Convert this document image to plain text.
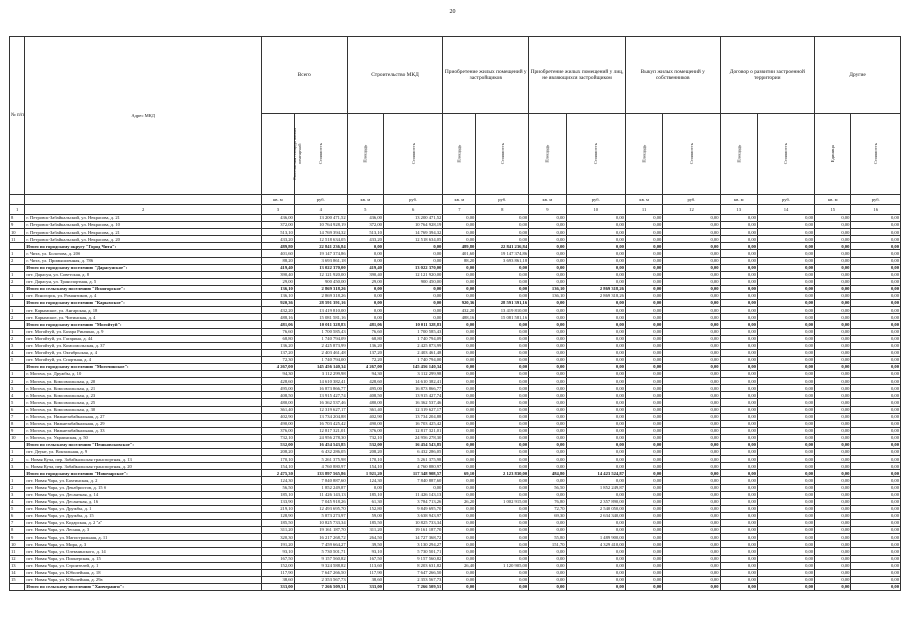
20
№ п/п	Адрес МКД	Всего		Строительство МКД		Приобретение жилых помещений у застройщиков		Приобретение жилых помещений у лиц, не являющихся застройщиком		Выкуп жилых помещений у собственников		Договор о развитии застроенной территории		Другие	
		Расселяемая площадь жилых помещений	Стоимость	Площадь	Стоимость	Площадь	Стоимость	Площадь	Стоимость	Площадь	Стоимость	Площадь	Стоимость	Единица	Стоимость
		кв. м	руб.	кв. м	руб.	кв. м	руб.	кв. м	руб.	кв. м	руб.	кв. м	руб.	кв. м	руб.
1	2	3	4	5	6	7	8	9	10	11	12	13	14	15	16
8	г. Петровск-Забайкальский, ул. Некрасова, д. 21	436,00	13 200 471,52	436,00	13 200 471,52	0,00	0,00	0,00	0,00	0,00	0,00	0,00	0,00	0,00	0,00
9	г. Петровск-Забайкальский, ул. Некрасова, д. 10	372,00	10 764 928,19	372,00	10 764 928,19	0,00	0,00	0,00	0,00	0,00	0,00	0,00	0,00	0,00	0,00
10	г. Петровск-Забайкальский, ул. Некрасова, д. 21	513,10	14 769 394,32	513,10	14 769 394,32	0,00	0,00	0,00	0,00	0,00	0,00	0,00	0,00	0,00	0,00
11	г. Петровск-Забайкальский, ул. Некрасова, д. 20	433,20	12 518 634,05	433,20	12 518 634,05	0,00	0,00	0,00	0,00	0,00	0,00	0,00	0,00	0,00	0,00
	Итого по городскому округу "Город Чита":	489,80	22 841 236,84	0,00	0,00	489,80	22 841 236,84	0,00	0,00	0,00	0,00	0,00	0,00	0,00	0,00
1	г. Чита, ул. Болотова, д. 20б	401,60	19 147 374,86	0,00	0,00	401,60	19 147 374,86	0,00	0,00	0,00	0,00	0,00	0,00	0,00	0,00
2	г. Чита, ул. Промышленная, д. 786	88,20	3 693 861,18	0,00	0,00	88,20	3 693 861,18	0,00	0,00	0,00	0,00	0,00	0,00	0,00	0,00
	Итого по городскому поселению "Дарасунское":	419,40	13 022 370,00	419,40	13 022 370,00	0,00	0,00	0,00	0,00	0,00	0,00	0,00	0,00	0,00	0,00
1	пгт. Дарасун, ул. Советская, д. 8	390,40	12 121 920,00	390,40	12 121 920,00	0,00	0,00	0,00	0,00	0,00	0,00	0,00	0,00	0,00	0,00
2	пгт. Дарасун, ул. Транспортная, д. 5	29,00	900 450,00	29,00	900 450,00	0,00	0,00	0,00	0,00	0,00	0,00	0,00	0,00	0,00	0,00
	Итого по сельскому поселению "Ясногорское":	136,10	2 869 318,26	0,00	0,00	0,00	0,00	136,10	2 869 318,26	0,00	0,00	0,00	0,00	0,00	0,00
1	пгт. Ясногорск, ул. Романтиков, д. 4	136,10	2 869 318,26	0,00	0,00	0,00	0,00	136,10	2 869 318,26	0,00	0,00	0,00	0,00	0,00	0,00
	Итого по городскому поселению "Карымское":	920,36	28 591 391,16	0,00	0,00	920,36	28 591 391,16	0,00	0,00	0,00	0,00	0,00	0,00	0,00	0,00
1	пгт. Карымское, ул. Ангарская, д. 18	432,20	13 419 810,00	0,00	0,00	432,20	13 419 810,00	0,00	0,00	0,00	0,00	0,00	0,00	0,00	0,00
2	пгт. Карымское, ул. Читинская, д. 4	488,16	15 081 581,16	0,00	0,00	488,16	15 081 581,16	0,00	0,00	0,00	0,00	0,00	0,00	0,00	0,00
	Итого по городскому поселению "Могойтуй":	481,06	10 011 328,83	481,06	10 011 328,83	0,00	0,00	0,00	0,00	0,00	0,00	0,00	0,00	0,00	0,00
1	пгт. Могойтуй, ул. Базара Ринчино, д. 9	76,60	1 700 585,43	76,60	1 700 585,43	0,00	0,00	0,00	0,00	0,00	0,00	0,00	0,00	0,00	0,00
2	пгт. Могойтуй, ул. Гагарина, д. 44	68,80	1 740 794,09	68,80	1 740 794,09	0,00	0,00	0,00	0,00	0,00	0,00	0,00	0,00	0,00	0,00
3	пгт. Могойтуй, ул. Комсомольская, д. 37	136,20	2 425 873,99	136,20	2 425 873,99	0,00	0,00	0,00	0,00	0,00	0,00	0,00	0,00	0,00	0,00
4	пгт. Могойтуй, ул. Октябрьская, д. 4	137,20	2 403 461,48	137,20	2 403 461,48	0,00	0,00	0,00	0,00	0,00	0,00	0,00	0,00	0,00	0,00
5	пгт. Могойтуй, ул. Спортная, д. 4	72,30	1 740 794,00	72,20	1 740 794,00	0,00	0,00	0,00	0,00	0,00	0,00	0,00	0,00	0,00	0,00
	Итого по городскому поселению "Могочинское":	4 267,00	145 456 140,34	4 267,00	145 456 140,34	0,00	0,00	0,00	0,00	0,00	0,00	0,00	0,00	0,00	0,00
1	г. Могоча, ул. Дружбы, д. 10	94,30	3 112 299,98	94,30	3 112 299,98	0,00	0,00	0,00	0,00	0,00	0,00	0,00	0,00	0,00	0,00
2	г. Могоча, ул. Комсомольская, д. 20	428,60	14 610 382,41	428,60	14 610 382,41	0,00	0,00	0,00	0,00	0,00	0,00	0,00	0,00	0,00	0,00
3	г. Могоча, ул. Комсомольская, д. 21	495,00	16 873 866,77	495,00	16 873 866,77	0,00	0,00	0,00	0,00	0,00	0,00	0,00	0,00	0,00	0,00
4	г. Могоча, ул. Комсомольская, д. 23	408,50	13 915 427,74	408,50	13 915 427,74	0,00	0,00	0,00	0,00	0,00	0,00	0,00	0,00	0,00	0,00
5	г. Могоча, ул. Комсомольская, д. 25	480,00	16 362 537,46	480,00	16 362 537,46	0,00	0,00	0,00	0,00	0,00	0,00	0,00	0,00	0,00	0,00
6	г. Могоча, ул. Комсомольская, д. 30	361,40	12 319 627,17	361,40	12 319 627,17	0,00	0,00	0,00	0,00	0,00	0,00	0,00	0,00	0,00	0,00
7	г. Могоча, ул. Нижнезабайкальная, д. 27	402,90	13 734 204,88	402,90	13 734 204,88	0,00	0,00	0,00	0,00	0,00	0,00	0,00	0,00	0,00	0,00
8	г. Могоча, ул. Нижнезабайкальная, д. 29	490,00	16 703 425,42	490,00	16 703 425,42	0,00	0,00	0,00	0,00	0,00	0,00	0,00	0,00	0,00	0,00
9	г. Могоча, ул. Нижнезабайкальная, д. 33	376,00	12 817 321,01	376,00	12 817 321,01	0,00	0,00	0,00	0,00	0,00	0,00	0,00	0,00	0,00	0,00
10	г. Могоча, ул. Украинская, д. 50	732,10	24 956 278,30	732,10	24 956 278,30	0,00	0,00	0,00	0,00	0,00	0,00	0,00	0,00	0,00	0,00
	Итого по сельскому поселению "Пешковсковское":	532,00	16 454 543,85	532,00	16 454 543,85	0,00	0,00	0,00	0,00	0,00	0,00	0,00	0,00	0,00	0,00
1	пгт. Деуне, ул. Вокзальная, д. 9	208,20	6 432 286,05	208,20	6 432 286,05	0,00	0,00	0,00	0,00	0,00	0,00	0,00	0,00	0,00	0,00
2	с. Новая Куча, пер. Забайкальская транспортная, д. 13	170,10	5 261 375,98	170,10	5 261 375,98	0,00	0,00	0,00	0,00	0,00	0,00	0,00	0,00	0,00	0,00
3	с. Новая Куча, пер. Забайкальская транспортная, д. 20	154,10	4 760 880,97	154,10	4 760 880,97	0,00	0,00	0,00	0,00	0,00	0,00	0,00	0,00	0,00	0,00
	Итого по городскому поселению "Новочарское":	2 475,30	133 897 565,86	1 921,20	117 348 908,57	69,10	2 123 830,00	484,80	14 423 524,87	0,00	0,00	0,00	0,00	0,00	0,00
1	пгт. Новая Чара, ул. Бахтинская, д. 2	124,30	7 840 887,60	124,30	7 840 887,60	0,00	0,00	0,00	0,00	0,00	0,00	0,00	0,00	0,00	0,00
2	пгт. Новая Чара, ул. Декабристов, д. 15 б	56,50	1 852 249,87	0,00	0,00	0,00	0,00	56,50	1 852 249,87	0,00	0,00	0,00	0,00	0,00	0,00
3	пгт. Новая Чара, ул. Десантная, д. 14	185,10	11 426 143,13	185,10	11 426 143,13	0,00	0,00	0,00	0,00	0,00	0,00	0,00	0,00	0,00	0,00
4	пгт. Новая Чара, ул. Десантная, д. 16	133,90	7 045 918,26	61,30	3 784 713,26	26,20	1 002 915,00	76,80	2 357 890,00	0,00	0,00	0,00	0,00	0,00	0,00
5	пгт. Новая Чара, ул. Дружбы, д. 1	219,10	12 493 695,70	152,80	9 849 695,70	0,00	0,00	72,70	2 540 050,00	0,00	0,00	0,00	0,00	0,00	0,00
6	пгт. Новая Чара, ул. Дружбы, д. 15	128,90	5 873 273,97	59,00	3 638 943,97	0,00	0,00	69,30	2 634 340,00	0,00	0,00	0,00	0,00	0,00	0,00
7	пгт. Новая Чара, ул. Кодарская, д. 2 "а"	185,50	10 825 733,34	185,50	10 825 733,34	0,00	0,00	0,00	0,00	0,00	0,00	0,00	0,00	0,00	0,00
8	пгт. Новая Чара, ул. Лесная, д. 3	311,20	19 161 187,70	311,20	19 161 187,70	0,00	0,00	0,00	0,00	0,00	0,00	0,00	0,00	0,00	0,00
9	пгт. Новая Чара, ул. Магистральная, д. 11	320,30	16 217 268,72	264,50	14 727 368,72	0,00	0,00	55,80	1 489 900,00	0,00	0,00	0,00	0,00	0,00	0,00
10	пгт. Новая Чара, ул. Мира, д. 3	191,20	7 459 664,27	39,50	3 130 294,27	0,00	0,00	151,70	4 329 410,00	0,00	0,00	0,00	0,00	0,00	0,00
11	пгт. Новая Чара, ул. Олекминского, д. 14	93,10	5 730 501,71	93,10	5 730 501,71	0,00	0,00	0,00	0,00	0,00	0,00	0,00	0,00	0,00	0,00
12	пгт. Новая Чара, ул. Пионерская, д. 15	167,50	9 157 560,82	167,50	9 157 560,82	0,00	0,00	0,00	0,00	0,00	0,00	0,00	0,00	0,00	0,00
13	пгт. Новая Чара, ул. Строителей, д. 1	152,00	9 324 588,82	113,60	8 203 631,82	26,40	1 120 905,00	0,00	0,00	0,00	0,00	0,00	0,00	0,00	0,00
14	пгт. Новая Чара, ул. Юбилейная, д. 18	117,90	7 647 266,50	117,90	7 647 266,50	0,00	0,00	0,00	0,00	0,00	0,00	0,00	0,00	0,00	0,00
15	пгт. Новая Чара, ул. Юбилейная, д. 29а	38,60	2 353 567,73	38,60	2 353 567,73	0,00	0,00	0,00	0,00	0,00	0,00	0,00	0,00	0,00	0,00
	Итого по сельскому поселению "Хапчеранги":	333,00	7 266 509,51	333,00	7 266 509,51	0,00	0,00	0,00	0,00	0,00	0,00	0,00	0,00	0,00	0,00
